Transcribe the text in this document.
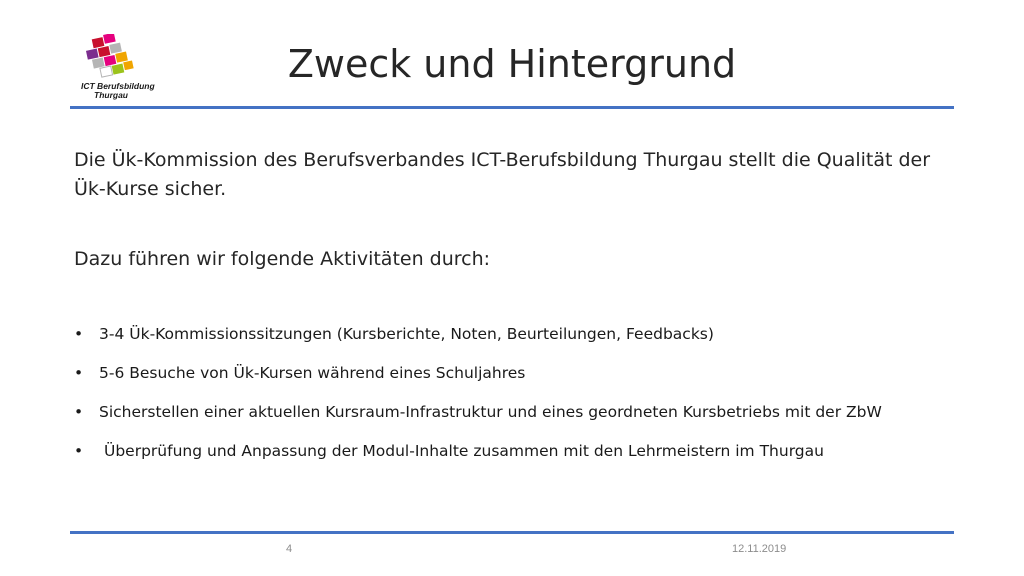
ICT Berufsbildung
Thurgau
Zweck und Hintergrund

Die Ük-Kommission des Berufsverbandes ICT-Berufsbildung Thurgau stellt die Qualität der Ük-Kurse sicher.

Dazu führen wir folgende Aktivitäten durch:

• 3-4 Ük-Kommissionssitzungen (Kursberichte, Noten, Beurteilungen, Feedbacks)
• 5-6 Besuche von Ük-Kursen während eines Schuljahres
• Sicherstellen einer aktuellen Kursraum-Infrastruktur und eines geordneten Kursbetriebs mit der ZbW
• Überprüfung und Anpassung der Modul-Inhalte zusammen mit den Lehrmeistern im Thurgau
4	12.11.2019
